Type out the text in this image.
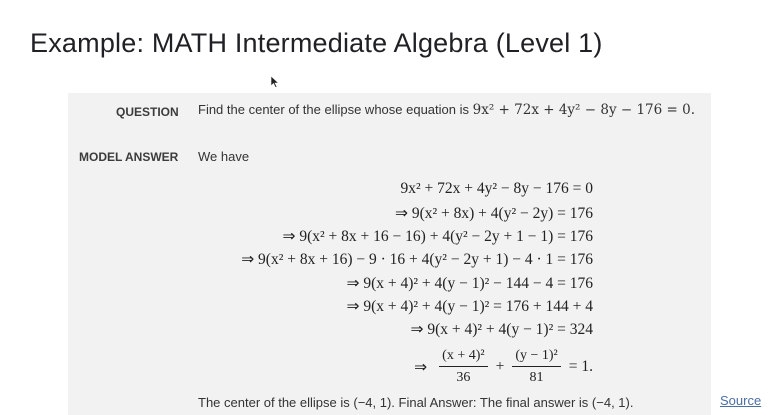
Example: MATH Intermediate Algebra (Level 1)
QUESTION Find the center of the ellipse whose equation is 9x² + 72x + 4y² − 8y − 176 = 0.
MODEL ANSWER We have
9x² + 72x + 4y² − 8y − 176 = 0
⇒ 9(x² + 8x) + 4(y² − 2y) = 176
⇒ 9(x² + 8x + 16 − 16) + 4(y² − 2y + 1 − 1) = 176
⇒ 9(x² + 8x + 16) − 9 · 16 + 4(y² − 2y + 1) − 4 · 1 = 176
⇒ 9(x + 4)² + 4(y − 1)² − 144 − 4 = 176
⇒ 9(x + 4)² + 4(y − 1)² = 176 + 144 + 4
⇒ 9(x + 4)² + 4(y − 1)² = 324
⇒ $\frac{\text{(x + 4)²}}{36} + \frac{\text{(y − 1)²}}{81} = 1$.
The center of the ellipse is (−4, 1). Final Answer: The final answer is (−4, 1).	Source
